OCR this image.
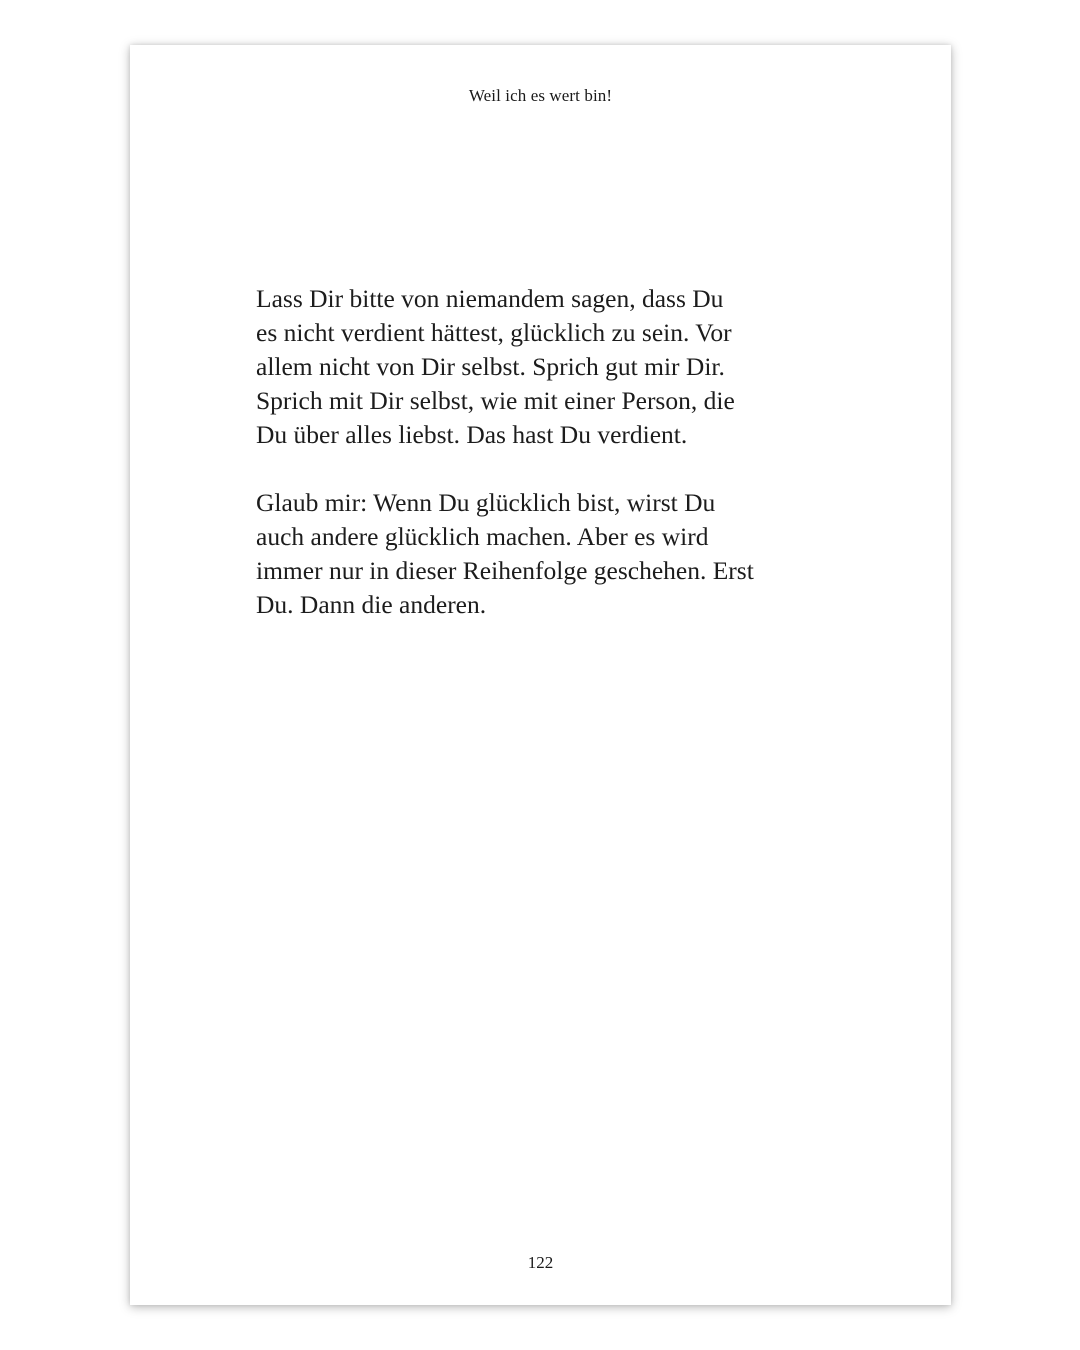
Weil ich es wert bin!

Lass Dir bitte von niemandem sagen, dass Du
es nicht verdient hättest, glücklich zu sein. Vor
allem nicht von Dir selbst. Sprich gut mir Dir.
Sprich mit Dir selbst, wie mit einer Person, die
Du über alles liebst. Das hast Du verdient.

Glaub mir: Wenn Du glücklich bist, wirst Du
auch andere glücklich machen. Aber es wird
immer nur in dieser Reihenfolge geschehen. Erst
Du. Dann die anderen.

122
